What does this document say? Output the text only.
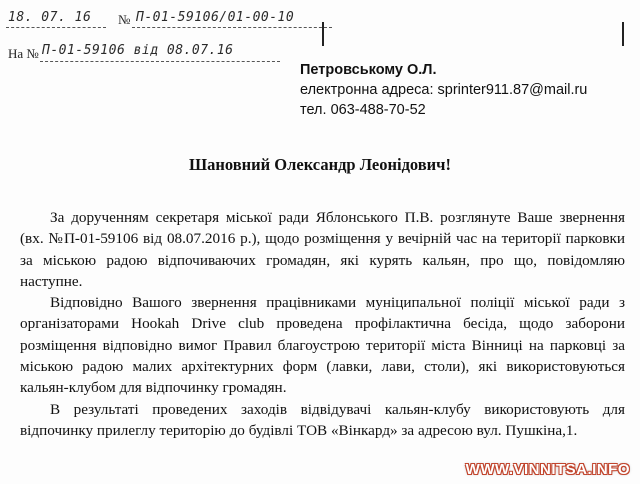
18. 07. 16 № П-01-59106/01-00-10
На № П-01-59106 від 08.07.16
Петровському О.Л.
електронна адреса: sprinter911.87@mail.ru
тел. 063-488-70-52
Шановний Олександр Леонідович!

За дорученням секретаря міської ради Яблонського П.В. розглянуте Ваше звернення (вх. №П-01-59106 від 08.07.2016 р.), щодо розміщення у вечірній час на території парковки за міською радою відпочиваючих громадян, які курять кальян, про що, повідомляю наступне.

Відповідно Вашого звернення працівниками муніципальної поліції міської ради з організаторами Hookah Drive club проведена профілактична бесіда, щодо заборони розміщення відповідно вимог Правил благоустрою території міста Вінниці на парковці за міською радою малих архітектурних форм (лавки, лави, столи), які використовуються кальян-клубом для відпочинку громадян.

В результаті проведених заходів відвідувачі кальян-клубу використовують для відпочинку прилеглу територію до будівлі ТОВ «Вінкард» за адресою вул. Пушкіна,1.

WWW.VINNITSA.INFO
